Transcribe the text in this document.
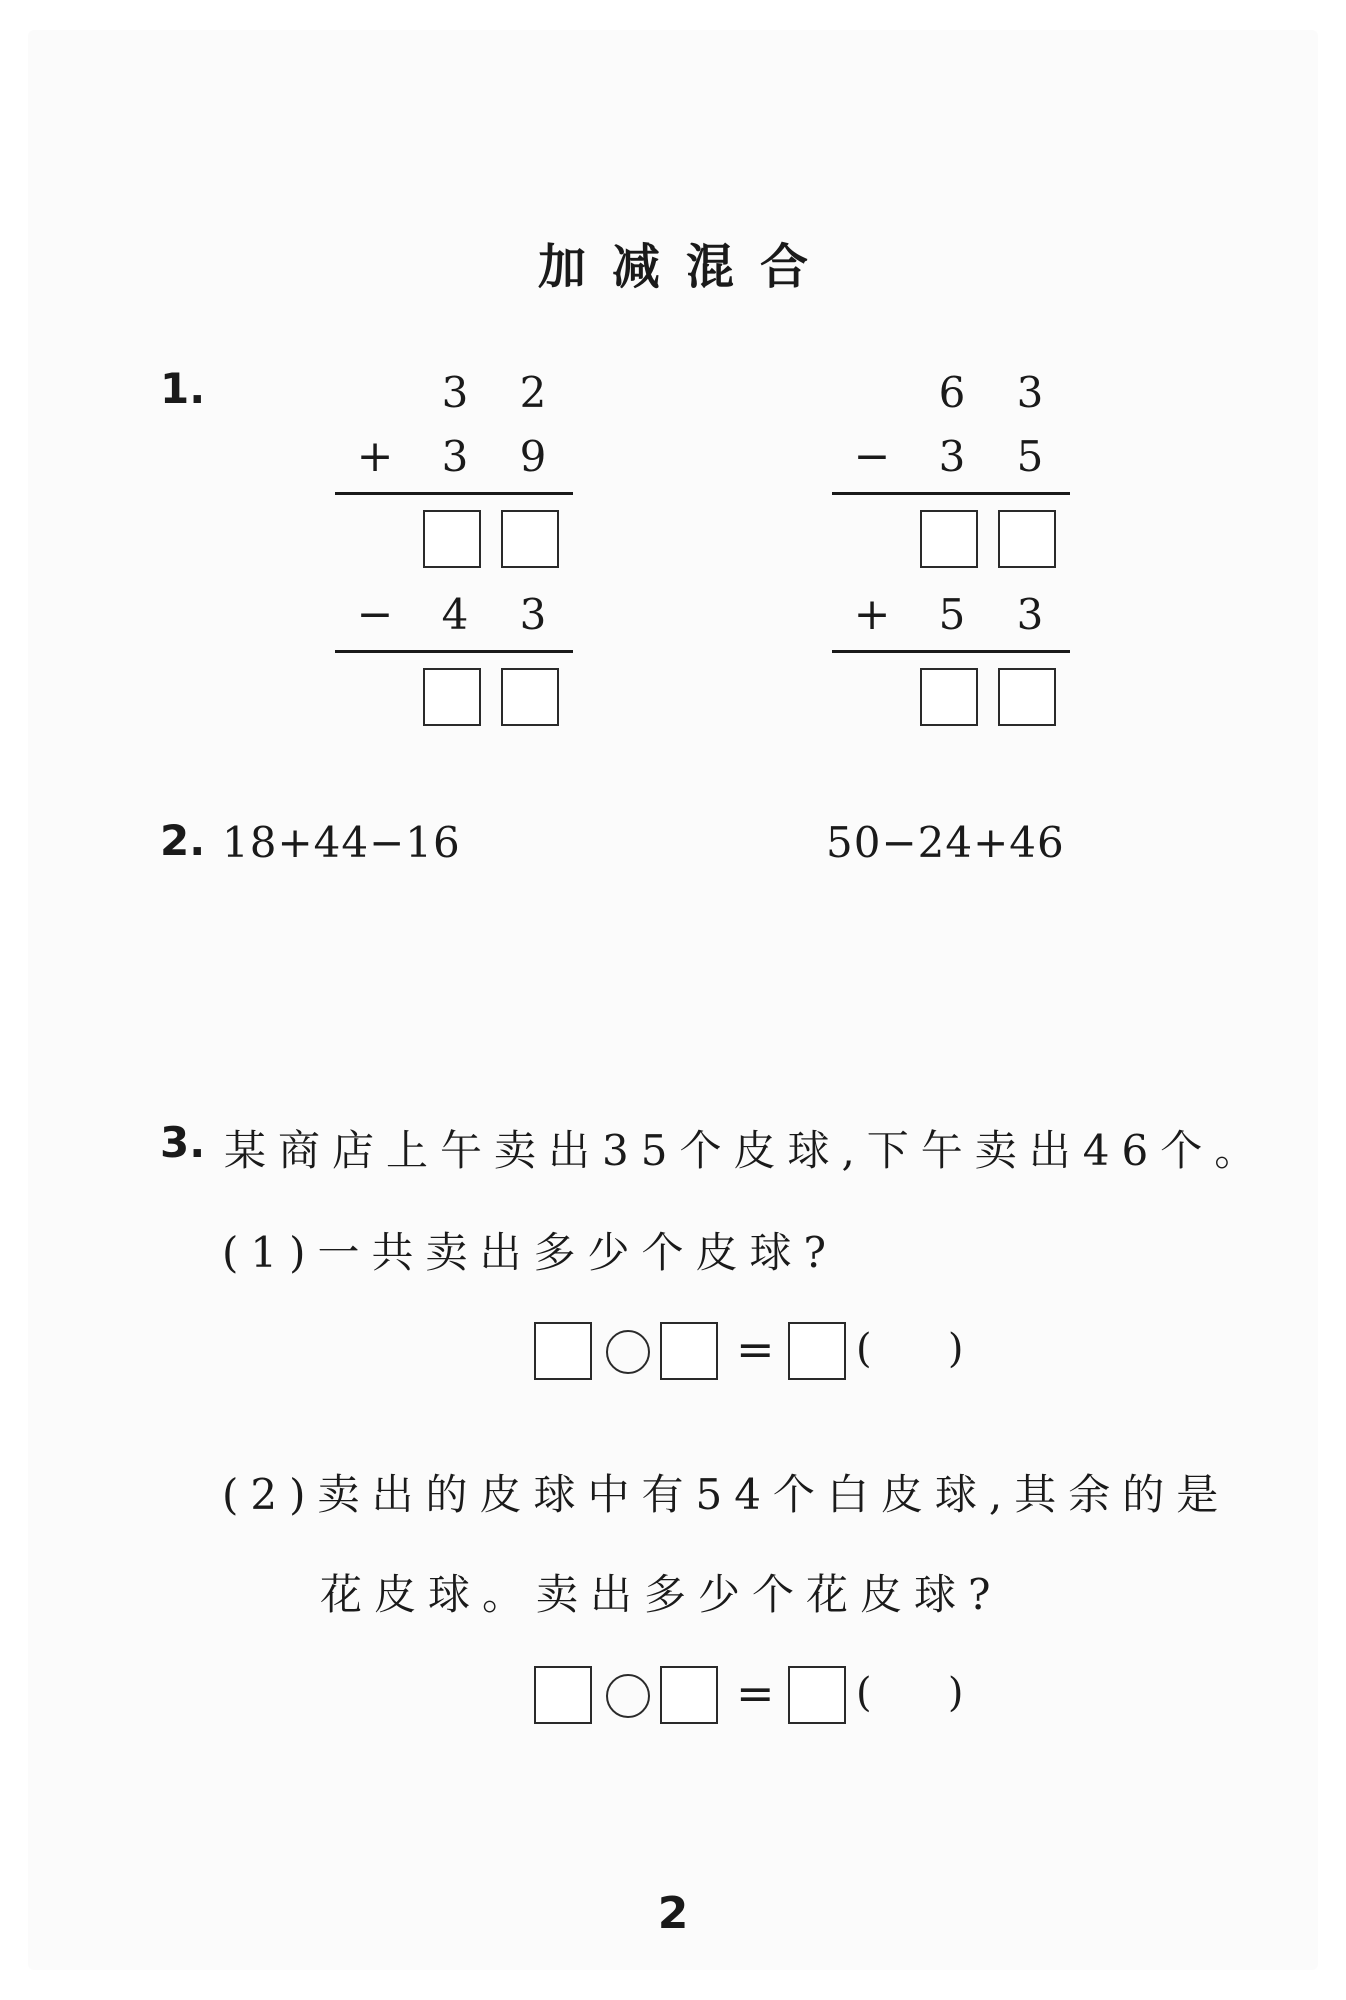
加减混合
1.	3 2
+ 3 9
− 4 3
6 3
− 3 5
+ 5 3
2. 18+44−16	50−24+46
3. 某商店上午卖出35个皮球,下午卖出46个。
(1)一共卖出多少个皮球?
= (      )
(2)卖出的皮球中有54个白皮球,其余的是
花皮球。卖出多少个花皮球?
= (      )
2
